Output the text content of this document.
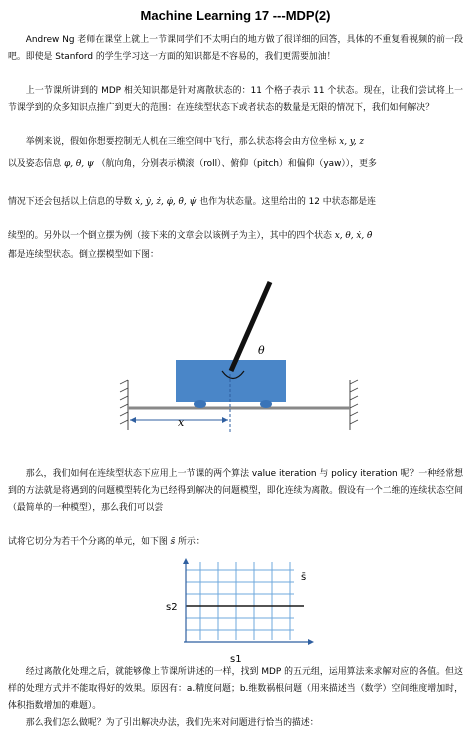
Machine Learning 17 ---MDP(2)
Andrew Ng 老师在课堂上就上一节课同学们不太明白的地方做了很详细的回答，具体的不重复看视频的前一段吧。即使是 Stanford 的学生学习这一方面的知识都是不容易的，我们更需要加油！
上一节课所讲到的 MDP 相关知识都是针对离散状态的：11 个格子表示 11 个状态。现在，让我们尝试将上一节课学到的众多知识点推广到更大的范围：在连续型状态下或者状态的数量是无限的情况下，我们如何解决？
举例来说，假如你想要控制无人机在三维空间中飞行，那么状态将会由方位坐标 x, y, z
以及姿态信息 φ, θ, ψ （航向角，分别表示横滚（roll）、俯仰（pitch）和偏仰（yaw）），更多
情况下还会包括以上信息的导数 ẋ, ẏ, ż, φ̇, θ̇, ψ̇ 也作为状态量。这里给出的 12 中状态都是连
续型的。另外以一个倒立摆为例（接下来的文章会以该例子为主），其中的四个状态 x, θ, ẋ, θ̇
都是连续型状态。倒立摆模型如下图：
θ
x
那么，我们如何在连续型状态下应用上一节课的两个算法 value iteration 与 policy iteration 呢？一种经常想到的方法就是将遇到的问题模型转化为已经得到解决的问题模型，即化连续为离散。假设有一个二维的连续状态空间（最简单的一种模型），那么我们可以尝
试将它切分为若干个分离的单元，如下图 s̄ 所示：
s̄
s2
s1
经过离散化处理之后，就能够像上节课所讲述的一样，找到 MDP 的五元组，运用算法来求解对应的各值。但这样的处理方式并不能取得好的效果。原因有：a.精度问题；b.维数祸根问题（用来描述当（数学）空间维度增加时，体积指数增加的难题）。
那么我们怎么做呢？为了引出解决办法，我们先来对问题进行恰当的描述：
